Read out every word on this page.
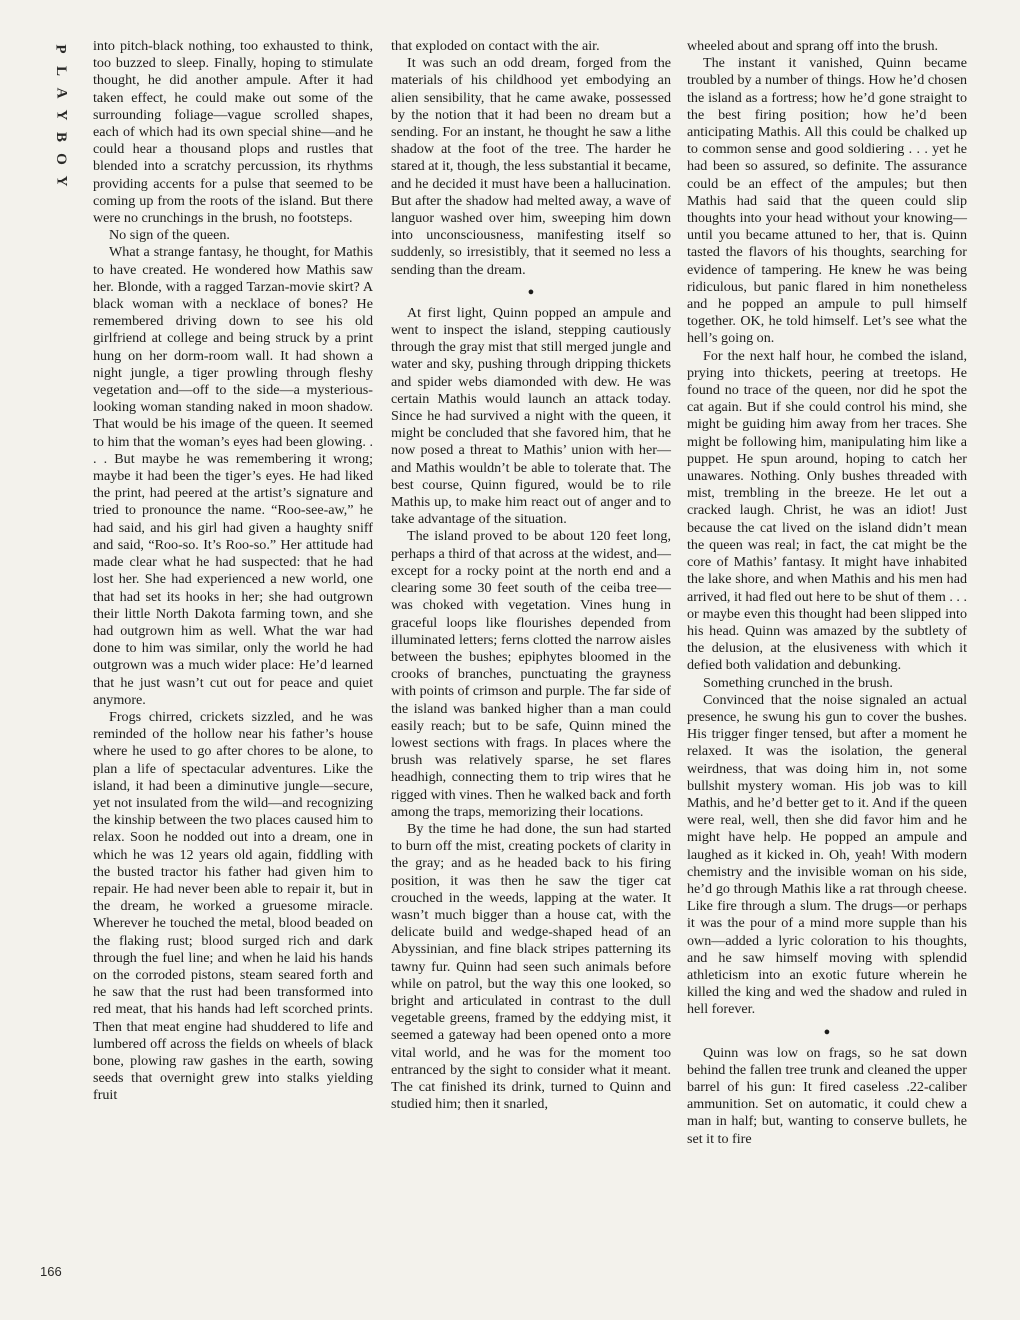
P
L
A
Y
B
O
Y

into pitch-black nothing, too exhausted to think, too buzzed to sleep. Finally, hoping to stimulate thought, he did another ampule. After it had taken effect, he could make out some of the surrounding foliage—vague scrolled shapes, each of which had its own special shine—and he could hear a thousand plops and rustles that blended into a scratchy percussion, its rhythms providing accents for a pulse that seemed to be coming up from the roots of the island. But there were no crunchings in the brush, no footsteps.

No sign of the queen.

What a strange fantasy, he thought, for Mathis to have created. He wondered how Mathis saw her. Blonde, with a ragged Tarzan-movie skirt? A black woman with a necklace of bones? He remembered driving down to see his old girlfriend at college and being struck by a print hung on her dorm-room wall. It had shown a night jungle, a tiger prowling through fleshy vegetation and—off to the side—a mysterious-looking woman standing naked in moon shadow. That would be his image of the queen. It seemed to him that the woman’s eyes had been glowing. . . . But maybe he was remembering it wrong; maybe it had been the tiger’s eyes. He had liked the print, had peered at the artist’s signature and tried to pronounce the name. “Roo-see-aw,” he had said, and his girl had given a haughty sniff and said, “Roo-so. It’s Roo-so.” Her attitude had made clear what he had suspected: that he had lost her. She had experienced a new world, one that had set its hooks in her; she had outgrown their little North Dakota farming town, and she had outgrown him as well. What the war had done to him was similar, only the world he had outgrown was a much wider place: He’d learned that he just wasn’t cut out for peace and quiet anymore.

Frogs chirred, crickets sizzled, and he was reminded of the hollow near his father’s house where he used to go after chores to be alone, to plan a life of spectacular adventures. Like the island, it had been a diminutive jungle—secure, yet not insulated from the wild—and recognizing the kinship between the two places caused him to relax. Soon he nodded out into a dream, one in which he was 12 years old again, fiddling with the busted tractor his father had given him to repair. He had never been able to repair it, but in the dream, he worked a gruesome miracle. Wherever he touched the metal, blood beaded on the flaking rust; blood surged rich and dark through the fuel line; and when he laid his hands on the corroded pistons, steam seared forth and he saw that the rust had been transformed into red meat, that his hands had left scorched prints. Then that meat engine had shuddered to life and lumbered off across the fields on wheels of black bone, plowing raw gashes in the earth, sowing seeds that overnight grew into stalks yielding fruit

that exploded on contact with the air.

It was such an odd dream, forged from the materials of his childhood yet embodying an alien sensibility, that he came awake, possessed by the notion that it had been no dream but a sending. For an instant, he thought he saw a lithe shadow at the foot of the tree. The harder he stared at it, though, the less substantial it became, and he decided it must have been a hallucination. But after the shadow had melted away, a wave of languor washed over him, sweeping him down into unconsciousness, manifesting itself so suddenly, so irresistibly, that it seemed no less a sending than the dream.

●

At first light, Quinn popped an ampule and went to inspect the island, stepping cautiously through the gray mist that still merged jungle and water and sky, pushing through dripping thickets and spider webs diamonded with dew. He was certain Mathis would launch an attack today. Since he had survived a night with the queen, it might be concluded that she favored him, that he now posed a threat to Mathis’ union with her—and Mathis wouldn’t be able to tolerate that. The best course, Quinn figured, would be to rile Mathis up, to make him react out of anger and to take advantage of the situation.

The island proved to be about 120 feet long, perhaps a third of that across at the widest, and—except for a rocky point at the north end and a clearing some 30 feet south of the ceiba tree—was choked with vegetation. Vines hung in graceful loops like flourishes depended from illuminated letters; ferns clotted the narrow aisles between the bushes; epiphytes bloomed in the crooks of branches, punctuating the grayness with points of crimson and purple. The far side of the island was banked higher than a man could easily reach; but to be safe, Quinn mined the lowest sections with frags. In places where the brush was relatively sparse, he set flares headhigh, connecting them to trip wires that he rigged with vines. Then he walked back and forth among the traps, memorizing their locations.

By the time he had done, the sun had started to burn off the mist, creating pockets of clarity in the gray; and as he headed back to his firing position, it was then he saw the tiger cat crouched in the weeds, lapping at the water. It wasn’t much bigger than a house cat, with the delicate build and wedge-shaped head of an Abyssinian, and fine black stripes patterning its tawny fur. Quinn had seen such animals before while on patrol, but the way this one looked, so bright and articulated in contrast to the dull vegetable greens, framed by the eddying mist, it seemed a gateway had been opened onto a more vital world, and he was for the moment too entranced by the sight to consider what it meant. The cat finished its drink, turned to Quinn and studied him; then it snarled,

wheeled about and sprang off into the brush.

The instant it vanished, Quinn became troubled by a number of things. How he’d chosen the island as a fortress; how he’d gone straight to the best firing position; how he’d been anticipating Mathis. All this could be chalked up to common sense and good soldiering . . . yet he had been so assured, so definite. The assurance could be an effect of the ampules; but then Mathis had said that the queen could slip thoughts into your head without your knowing—until you became attuned to her, that is. Quinn tasted the flavors of his thoughts, searching for evidence of tampering. He knew he was being ridiculous, but panic flared in him nonetheless and he popped an ampule to pull himself together. OK, he told himself. Let’s see what the hell’s going on.

For the next half hour, he combed the island, prying into thickets, peering at treetops. He found no trace of the queen, nor did he spot the cat again. But if she could control his mind, she might be guiding him away from her traces. She might be following him, manipulating him like a puppet. He spun around, hoping to catch her unawares. Nothing. Only bushes threaded with mist, trembling in the breeze. He let out a cracked laugh. Christ, he was an idiot! Just because the cat lived on the island didn’t mean the queen was real; in fact, the cat might be the core of Mathis’ fantasy. It might have inhabited the lake shore, and when Mathis and his men had arrived, it had fled out here to be shut of them . . . or maybe even this thought had been slipped into his head. Quinn was amazed by the subtlety of the delusion, at the elusiveness with which it defied both validation and debunking.

Something crunched in the brush.

Convinced that the noise signaled an actual presence, he swung his gun to cover the bushes. His trigger finger tensed, but after a moment he relaxed. It was the isolation, the general weirdness, that was doing him in, not some bullshit mystery woman. His job was to kill Mathis, and he’d better get to it. And if the queen were real, well, then she did favor him and he might have help. He popped an ampule and laughed as it kicked in. Oh, yeah! With modern chemistry and the invisible woman on his side, he’d go through Mathis like a rat through cheese. Like fire through a slum. The drugs—or perhaps it was the pour of a mind more supple than his own—added a lyric coloration to his thoughts, and he saw himself moving with splendid athleticism into an exotic future wherein he killed the king and wed the shadow and ruled in hell forever.

●

Quinn was low on frags, so he sat down behind the fallen tree trunk and cleaned the upper barrel of his gun: It fired caseless .22-caliber ammunition. Set on automatic, it could chew a man in half; but, wanting to conserve bullets, he set it to fire

166
